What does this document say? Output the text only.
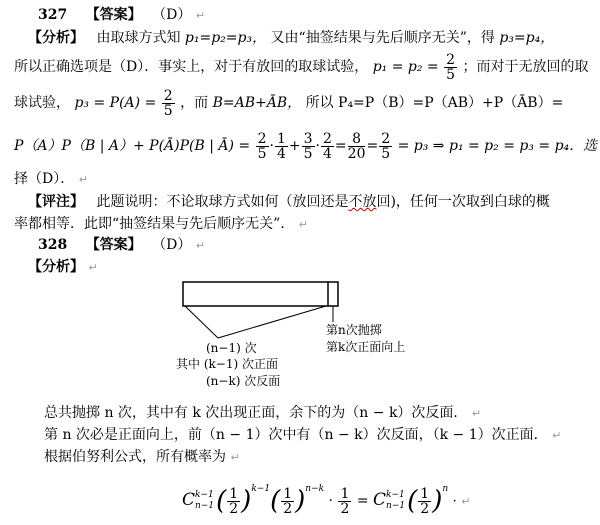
327 【答案】 （D） ↵
【分析】 由取球方式知 p₁=p₂=p₃， 又由“抽签结果与先后顺序无关”，得 p₃=p₄，
所以正确选项是（D）．事实上，对于有放回的取球试验， $p_1 = p_2 = \frac{2}{5}$ ；而对于无放回的取
球试验， $p_3 = P(A) = \frac{2}{5}$ ，而 B=AB+ĀB， 所以 P₄=P（B）=P（AB）+P（ĀB）=
P（A）P（B | A）+ P(Ā)P(B | Ā) = $\frac{2}{5} \cdot \frac{1}{4} + \frac{3}{5} \cdot \frac{2}{4} = \frac{8}{20} = \frac{2}{5} = p_3$ ⇒ p₁ = p₂ = p₃ = p₄．选
择（D）． ↵
【评注】 此题说明：不论取球方式如何（放回还是不放回)，任何一次取到白球的概
率都相等．此即“抽签结果与先后顺序无关”． ↵
328 【答案】 （D） ↵
【分析】 ↵
第n次抛掷
第k次正面向上
(n−1) 次
其中 (k−1) 次正面
(n−k) 次反面
总共抛掷 n 次，其中有 k 次出现正面，余下的为（n − k）次反面． ↵
第 n 次必是正面向上，前（n − 1）次中有（n − k）次反面，（k − 1）次正面． ↵
根据伯努利公式，所有概率为 ↵
C k−1
n−1 ( $\frac{1}{2} )^{k-1}( \frac{1}{2} )^{n-k} \cdot \frac{1}{2} = C$ k−1
n−1 ( $\frac{1}{2} )^n$ · ↵
